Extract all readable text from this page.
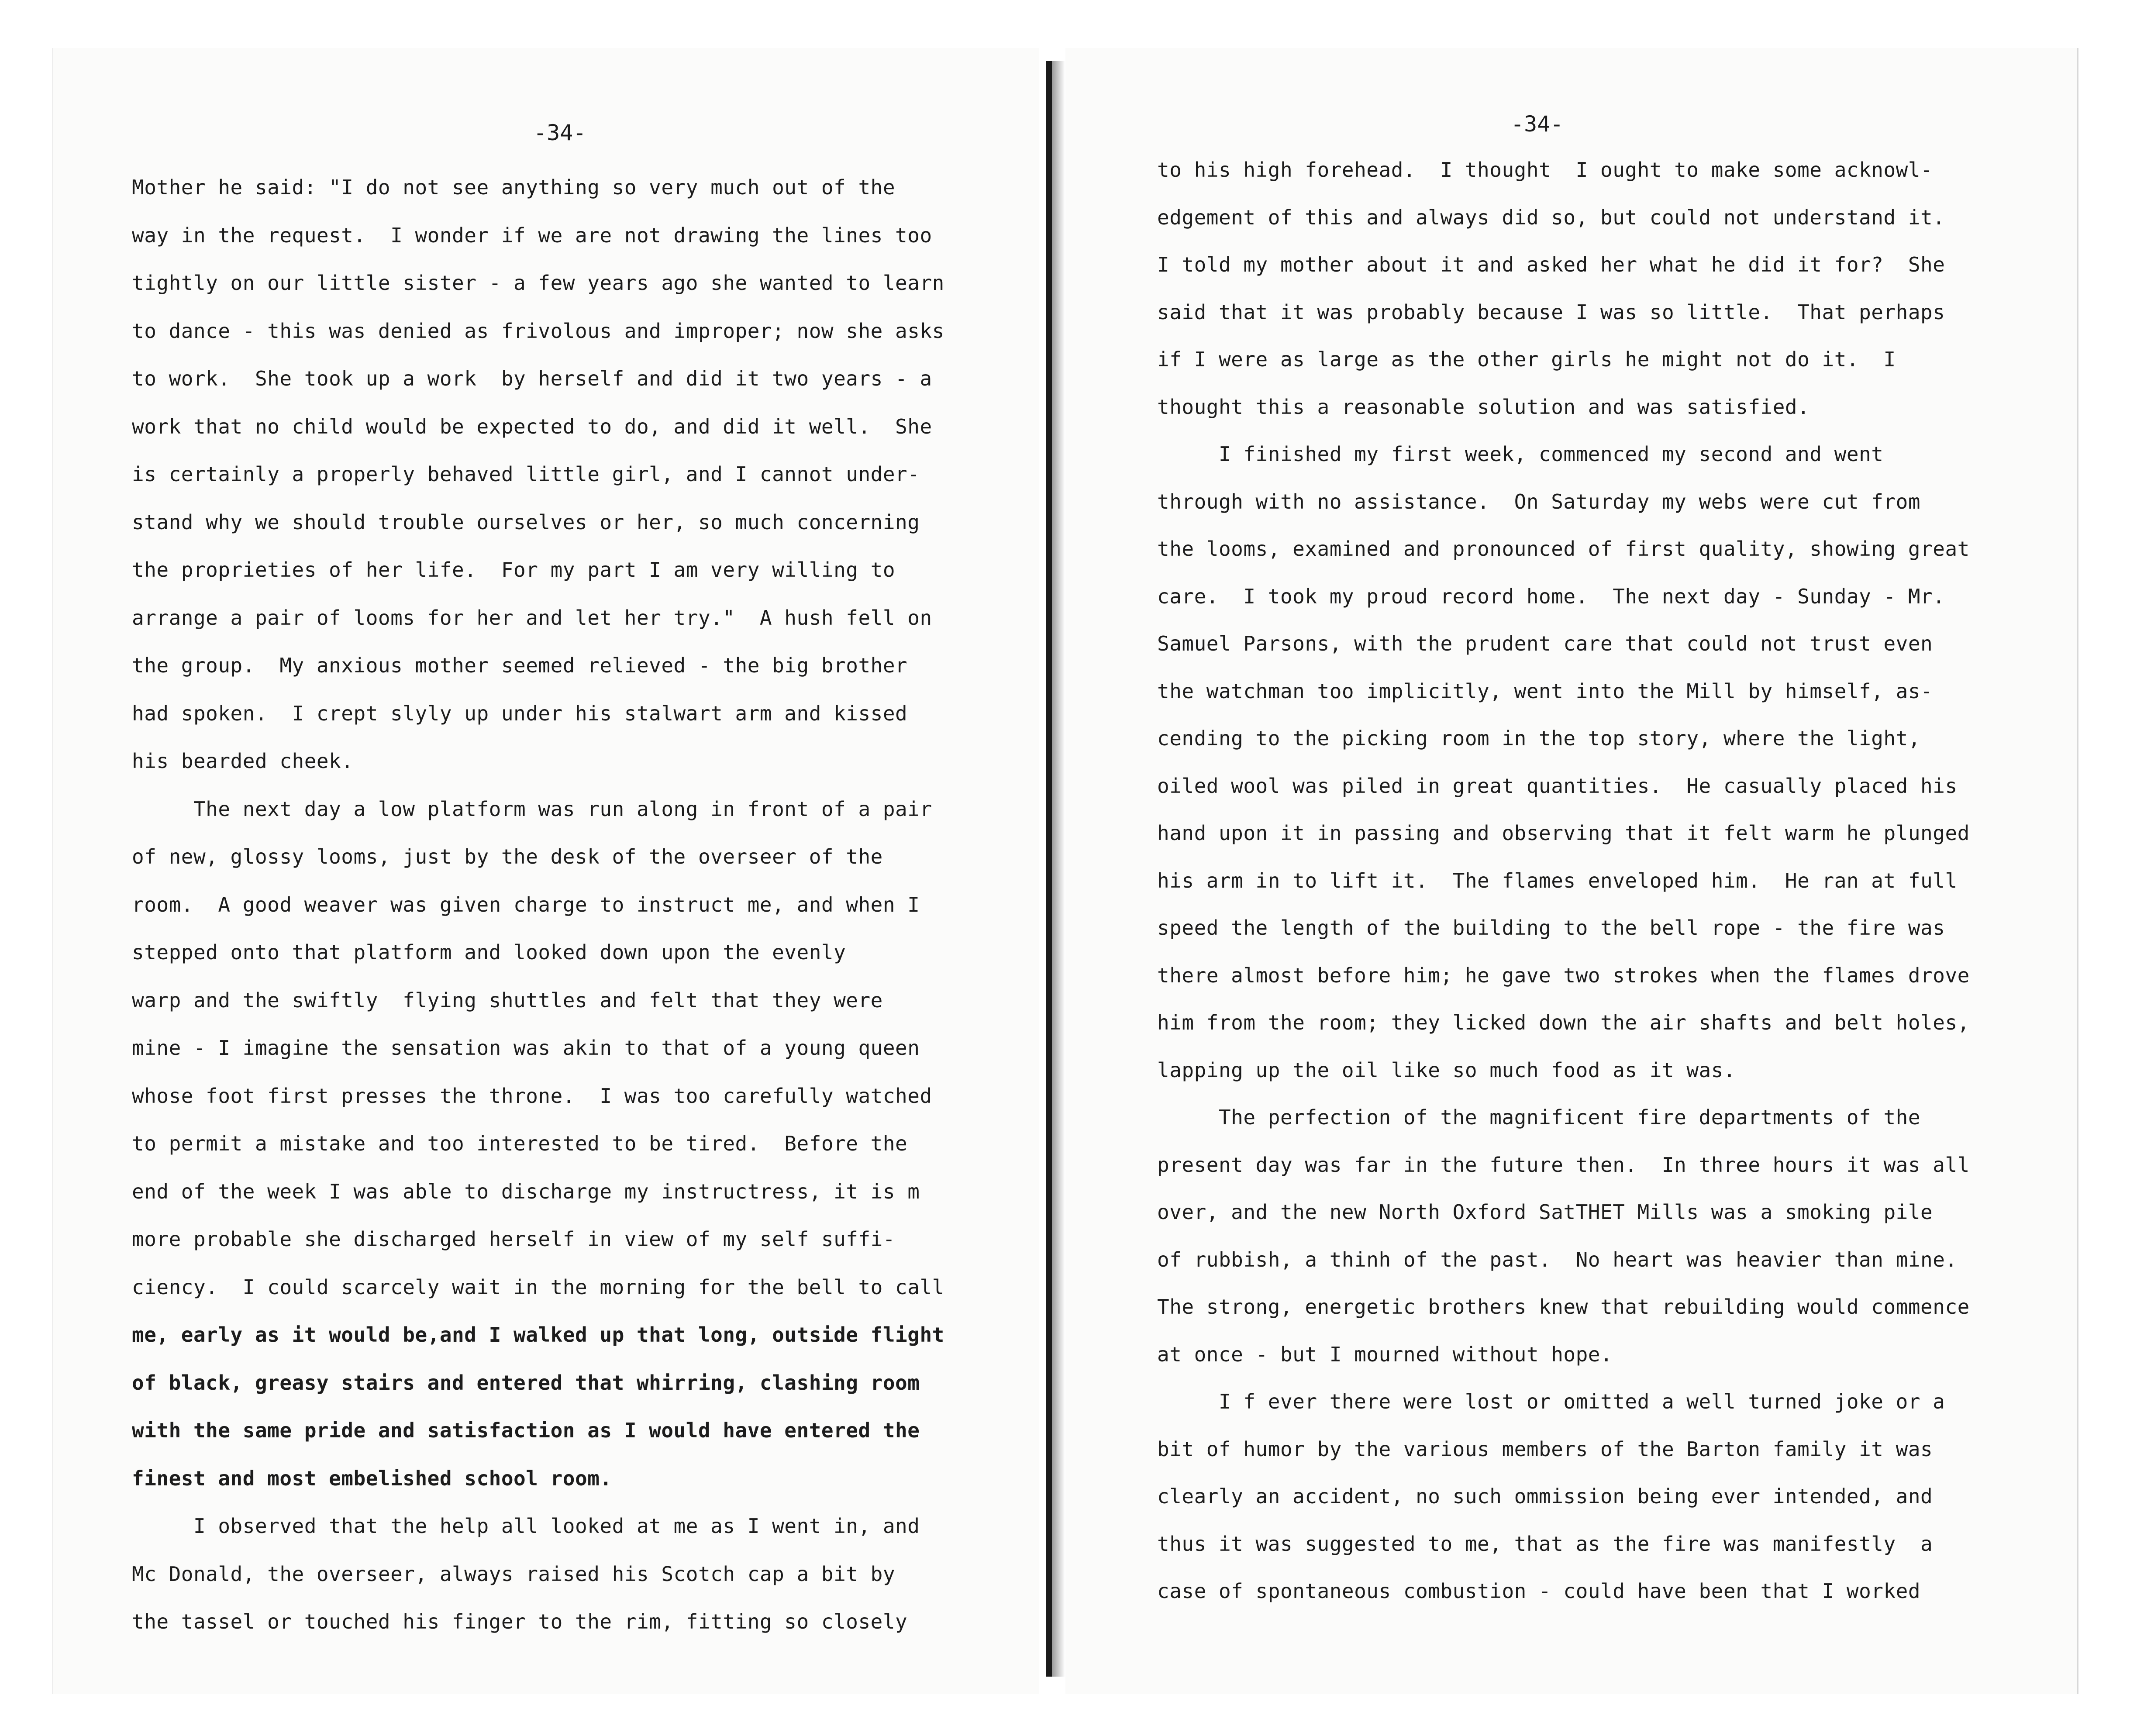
-34-
Mother he said: "I do not see anything so very much out of the
way in the request.  I wonder if we are not drawing the lines too
tightly on our little sister - a few years ago she wanted to learn
to dance - this was denied as frivolous and improper; now she asks
to work.  She took up a work  by herself and did it two years - a
work that no child would be expected to do, and did it well.  She
is certainly a properly behaved little girl, and I cannot under-
stand why we should trouble ourselves or her, so much concerning
the proprieties of her life.  For my part I am very willing to
arrange a pair of looms for her and let her try."  A hush fell on
the group.  My anxious mother seemed relieved - the big brother
had spoken.  I crept slyly up under his stalwart arm and kissed
his bearded cheek.
The next day a low platform was run along in front of a pair
of new, glossy looms, just by the desk of the overseer of the
room.  A good weaver was given charge to instruct me, and when I
stepped onto that platform and looked down upon the evenly
warp and the swiftly  flying shuttles and felt that they were
mine - I imagine the sensation was akin to that of a young queen
whose foot first presses the throne.  I was too carefully watched
to permit a mistake and too interested to be tired.  Before the
end of the week I was able to discharge my instructress, it is m
more probable she discharged herself in view of my self suffi-
ciency.  I could scarcely wait in the morning for the bell to call
me, early as it would be,and I walked up that long, outside flight
of black, greasy stairs and entered that whirring, clashing room
with the same pride and satisfaction as I would have entered the
finest and most embelished school room.
I observed that the help all looked at me as I went in, and
Mc Donald, the overseer, always raised his Scotch cap a bit by
the tassel or touched his finger to the rim, fitting so closely
-34-
to his high forehead.  I thought  I ought to make some acknowl-
edgement of this and always did so, but could not understand it.
I told my mother about it and asked her what he did it for?  She
said that it was probably because I was so little.  That perhaps
if I were as large as the other girls he might not do it.  I
thought this a reasonable solution and was satisfied.
I finished my first week, commenced my second and went
through with no assistance.  On Saturday my webs were cut from
the looms, examined and pronounced of first quality, showing great
care.  I took my proud record home.  The next day - Sunday - Mr.
Samuel Parsons, with the prudent care that could not trust even
the watchman too implicitly, went into the Mill by himself, as-
cending to the picking room in the top story, where the light,
oiled wool was piled in great quantities.  He casually placed his
hand upon it in passing and observing that it felt warm he plunged
his arm in to lift it.  The flames enveloped him.  He ran at full
speed the length of the building to the bell rope - the fire was
there almost before him; he gave two strokes when the flames drove
him from the room; they licked down the air shafts and belt holes,
lapping up the oil like so much food as it was.
The perfection of the magnificent fire departments of the
present day was far in the future then.  In three hours it was all
over, and the new North Oxford SatTHET Mills was a smoking pile
of rubbish, a thinh of the past.  No heart was heavier than mine.
The strong, energetic brothers knew that rebuilding would commence
at once - but I mourned without hope.
I f ever there were lost or omitted a well turned joke or a
bit of humor by the various members of the Barton family it was
clearly an accident, no such ommission being ever intended, and
thus it was suggested to me, that as the fire was manifestly  a
case of spontaneous combustion - could have been that I worked
